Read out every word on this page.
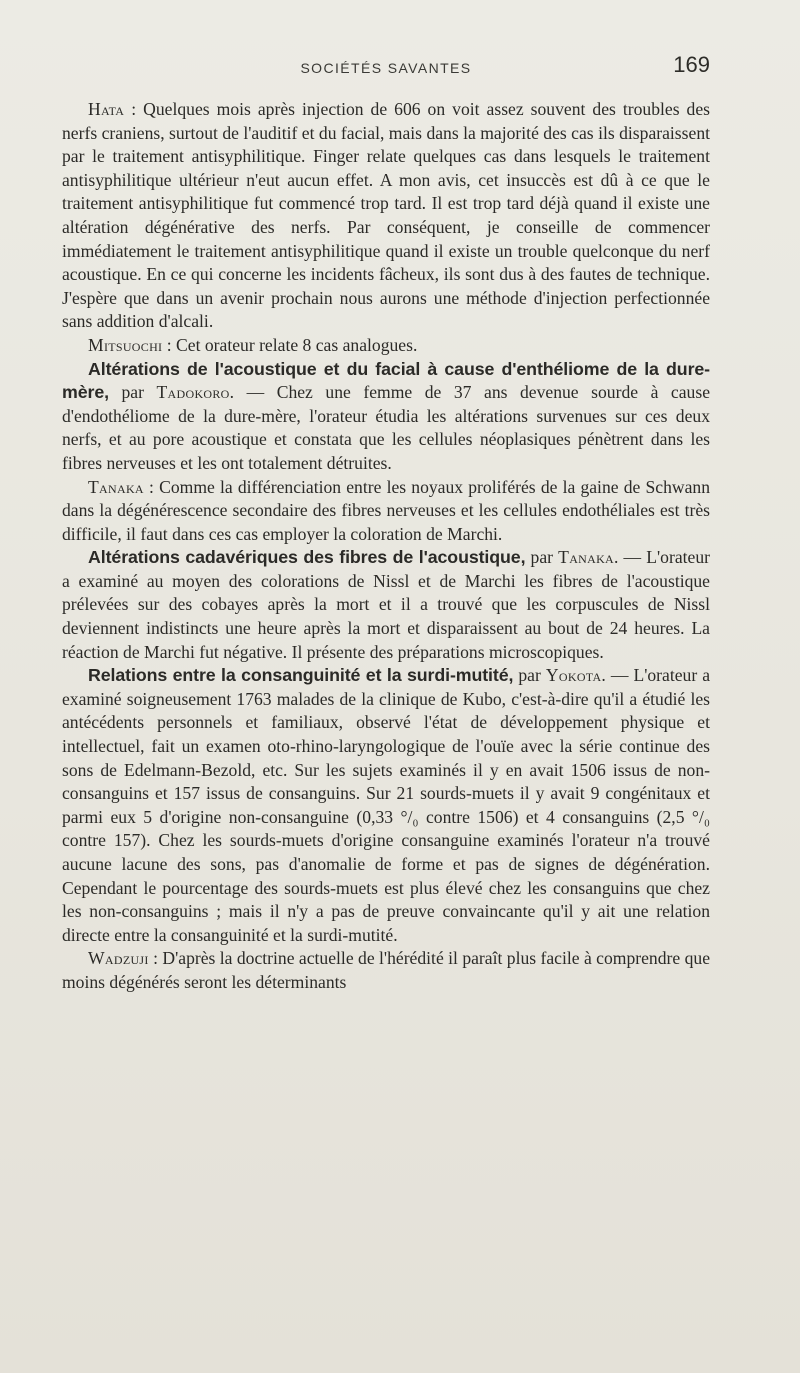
SOCIÉTÉS SAVANTES	169

Hata : Quelques mois après injection de 606 on voit assez souvent des troubles des nerfs craniens, surtout de l'auditif et du facial, mais dans la majorité des cas ils disparaissent par le traitement antisyphilitique. Finger relate quelques cas dans lesquels le traitement antisyphilitique ultérieur n'eut aucun effet. A mon avis, cet insuccès est dû à ce que le traitement antisyphilitique fut commencé trop tard. Il est trop tard déjà quand il existe une altération dégénérative des nerfs. Par conséquent, je conseille de commencer immédiatement le traitement antisyphilitique quand il existe un trouble quelconque du nerf acoustique. En ce qui concerne les incidents fâcheux, ils sont dus à des fautes de technique. J'espère que dans un avenir prochain nous aurons une méthode d'injection perfectionnée sans addition d'alcali.

Mitsuochi : Cet orateur relate 8 cas analogues.

Altérations de l'acoustique et du facial à cause d'enthéliome de la dure-mère, par Tadokoro. — Chez une femme de 37 ans devenue sourde à cause d'endothéliome de la dure-mère, l'orateur étudia les altérations survenues sur ces deux nerfs, et au pore acoustique et constata que les cellules néoplasiques pénètrent dans les fibres nerveuses et les ont totalement détruites.

Tanaka : Comme la différenciation entre les noyaux proliférés de la gaine de Schwann dans la dégénérescence secondaire des fibres nerveuses et les cellules endothéliales est très difficile, il faut dans ces cas employer la coloration de Marchi.

Altérations cadavériques des fibres de l'acoustique, par Tanaka. — L'orateur a examiné au moyen des colorations de Nissl et de Marchi les fibres de l'acoustique prélevées sur des cobayes après la mort et il a trouvé que les corpuscules de Nissl deviennent indistincts une heure après la mort et disparaissent au bout de 24 heures. La réaction de Marchi fut négative. Il présente des préparations microscopiques.

Relations entre la consanguinité et la surdi-mutité, par Yokota. — L'orateur a examiné soigneusement 1763 malades de la clinique de Kubo, c'est-à-dire qu'il a étudié les antécédents personnels et familiaux, observé l'état de développement physique et intellectuel, fait un examen oto-rhino-laryngologique de l'ouïe avec la série continue des sons de Edelmann-Bezold, etc. Sur les sujets examinés il y en avait 1506 issus de non-consanguins et 157 issus de consanguins. Sur 21 sourds-muets il y avait 9 congénitaux et parmi eux 5 d'origine non-consanguine (0,33 °/₀ contre 1506) et 4 consanguins (2,5 °/₀ contre 157). Chez les sourds-muets d'origine consanguine examinés l'orateur n'a trouvé aucune lacune des sons, pas d'anomalie de forme et pas de signes de dégénération. Cependant le pourcentage des sourds-muets est plus élevé chez les consanguins que chez les non-consanguins ; mais il n'y a pas de preuve convaincante qu'il y ait une relation directe entre la consanguinité et la surdi-mutité.

Wadzuji : D'après la doctrine actuelle de l'hérédité il paraît plus facile à comprendre que moins dégénérés seront les déterminants
